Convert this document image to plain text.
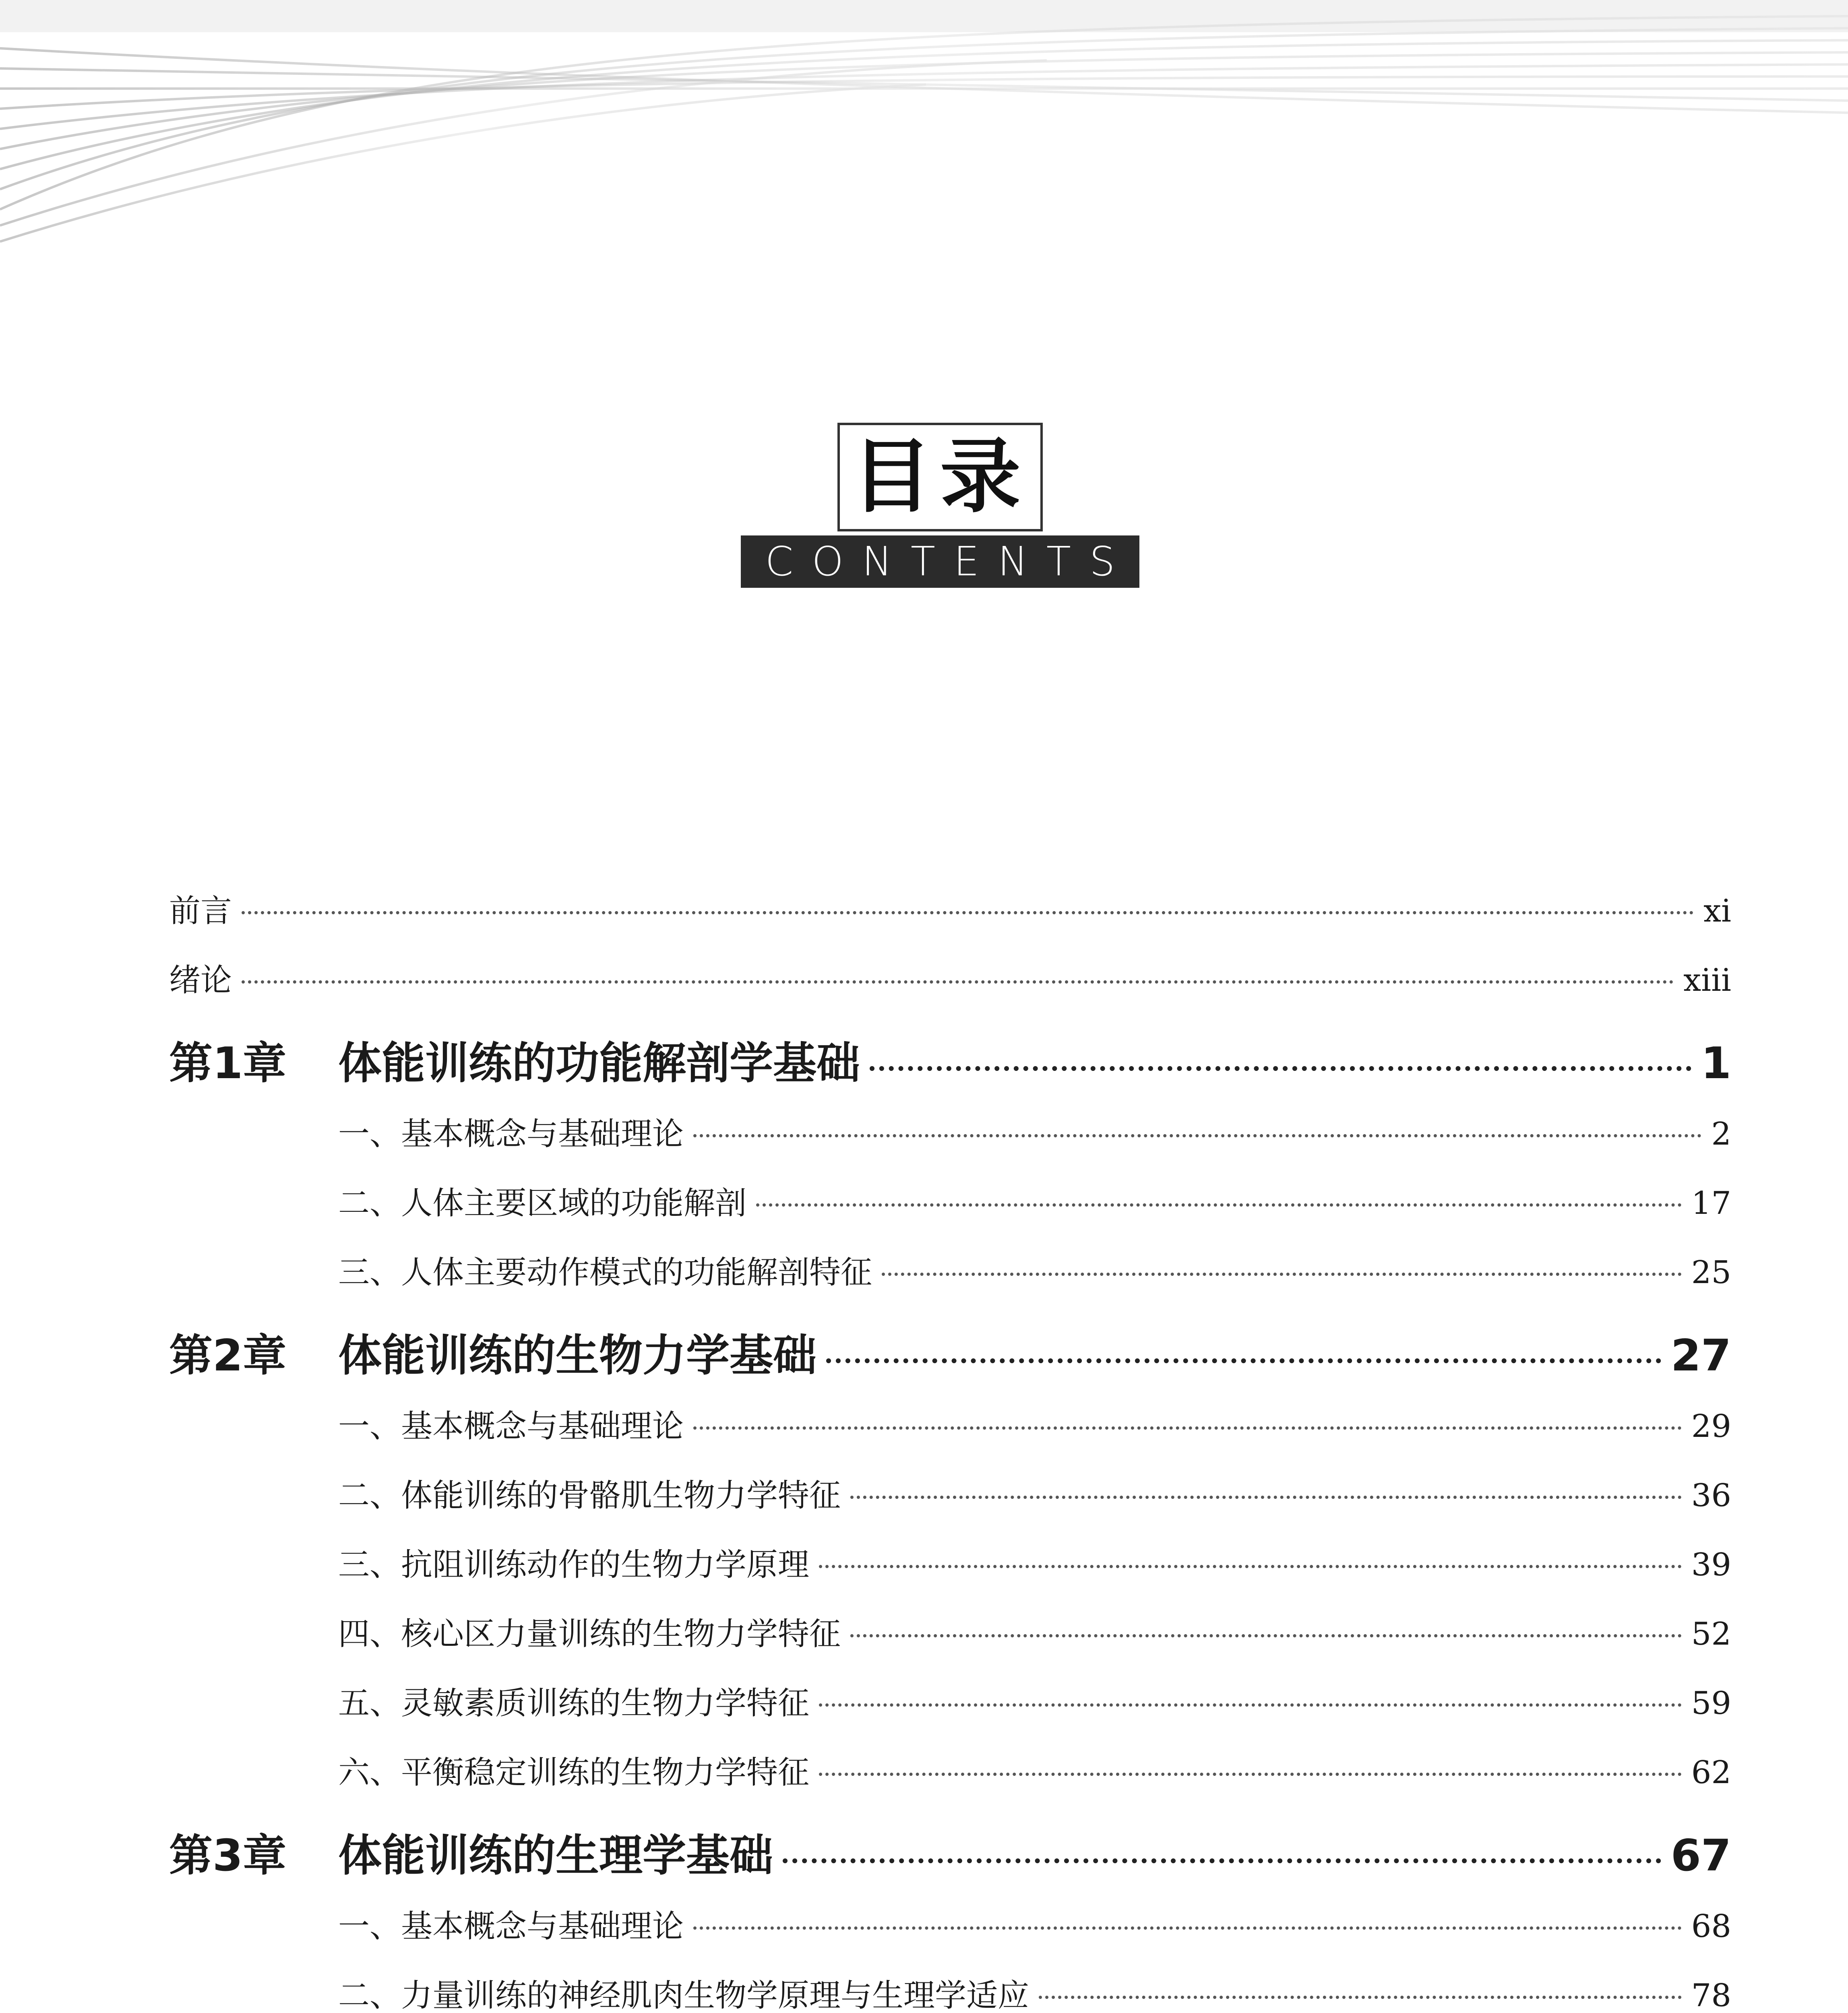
目录
CONTENTS
前言	xi
绪论	xiii
第1章 体能训练的功能解剖学基础	1
一、基本概念与基础理论	2
二、人体主要区域的功能解剖	17
三、人体主要动作模式的功能解剖特征	25
第2章 体能训练的生物力学基础	27
一、基本概念与基础理论	29
二、体能训练的骨骼肌生物力学特征	36
三、抗阻训练动作的生物力学原理	39
四、核心区力量训练的生物力学特征	52
五、灵敏素质训练的生物力学特征	59
六、平衡稳定训练的生物力学特征	62
第3章 体能训练的生理学基础	67
一、基本概念与基础理论	68
二、力量训练的神经肌肉生物学原理与生理学适应	78
